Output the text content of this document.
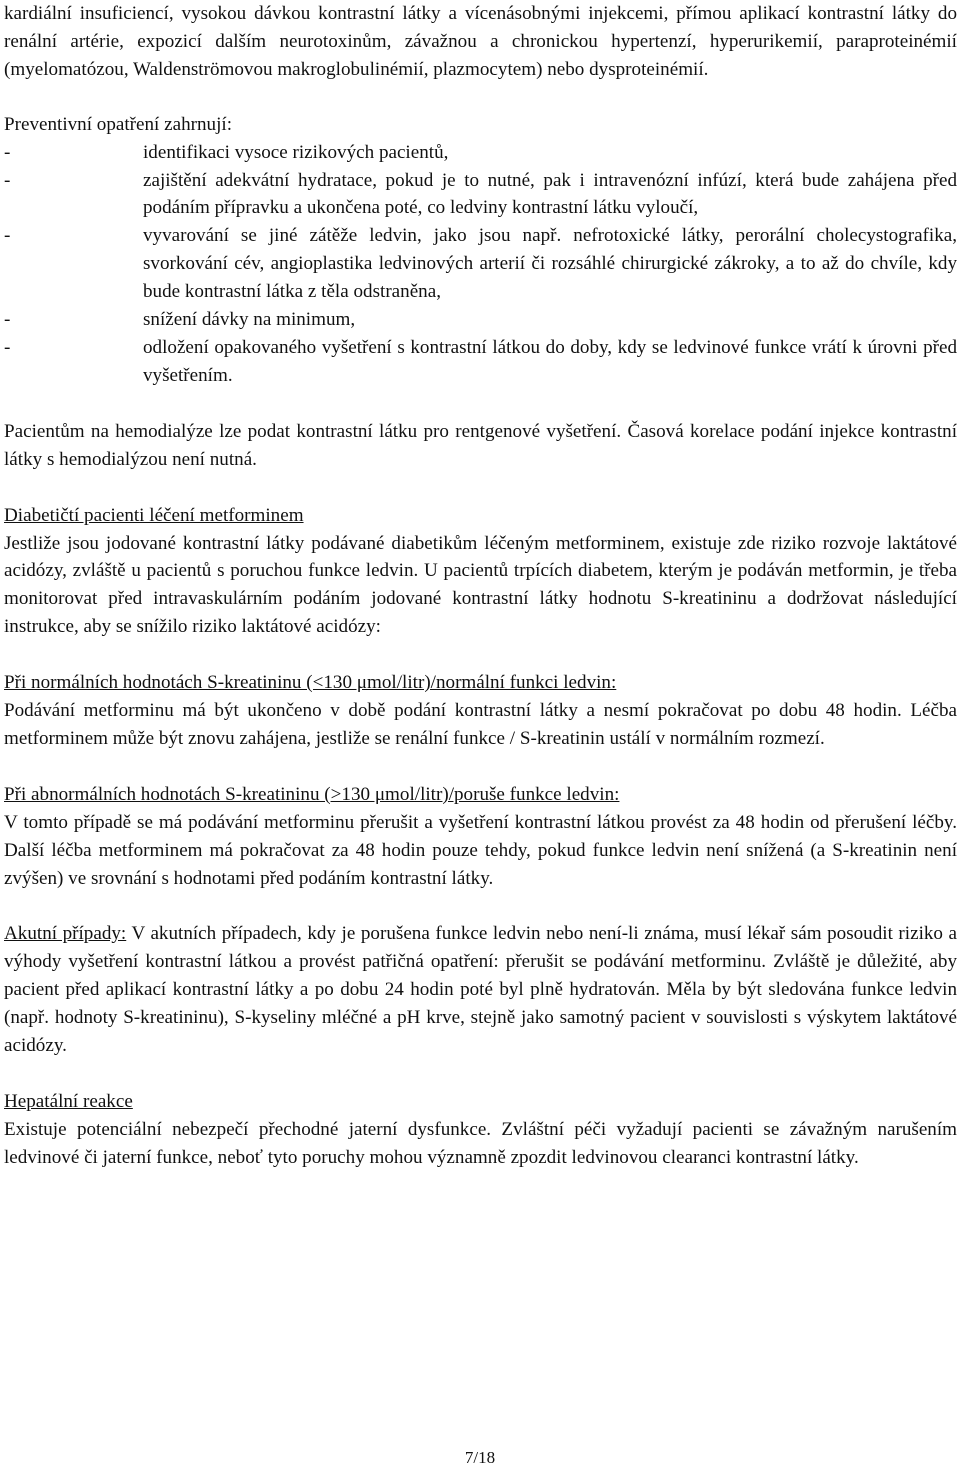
kardiální insuficiencí, vysokou dávkou kontrastní látky a vícenásobnými injekcemi, přímou aplikací kontrastní látky do renální artérie, expozicí dalším neurotoxinům, závažnou a chronickou hypertenzí, hyperurikemií, paraproteinémií (myelomatózou, Waldenströmovou makroglobulinémií, plazmocytem) nebo dysproteinémií.

Preventivní opatření zahrnují:

-	identifikaci vysoce rizikových pacientů,
-	zajištění adekvátní hydratace, pokud je to nutné, pak i intravenózní infúzí, která bude zahájena před podáním přípravku a ukončena poté, co ledviny kontrastní látku vyloučí,
-	vyvarování se jiné zátěže ledvin, jako jsou např. nefrotoxické látky, perorální cholecystografika, svorkování cév, angioplastika ledvinových arterií či rozsáhlé chirurgické zákroky, a to až do chvíle, kdy bude kontrastní látka z těla odstraněna,
-	snížení dávky na minimum,
-	odložení opakovaného vyšetření s kontrastní látkou do doby, kdy se ledvinové funkce vrátí k úrovni před vyšetřením.

Pacientům na hemodialýze lze podat kontrastní látku pro rentgenové vyšetření. Časová korelace podání injekce kontrastní látky s hemodialýzou není nutná.

Diabetičtí pacienti léčení metforminem

Jestliže jsou jodované kontrastní látky podávané diabetikům léčeným metforminem, existuje zde riziko rozvoje laktátové acidózy, zvláště u pacientů s poruchou funkce ledvin. U pacientů trpících diabetem, kterým je podáván metformin, je třeba monitorovat před intravaskulárním podáním jodované kontrastní látky hodnotu S-kreatininu a dodržovat následující instrukce, aby se snížilo riziko laktátové acidózy:

Při normálních hodnotách S-kreatininu (<130 μmol/litr)/normální funkci ledvin:

Podávání metforminu má být ukončeno v době podání kontrastní látky a nesmí pokračovat po dobu 48 hodin. Léčba metforminem může být znovu zahájena, jestliže se renální funkce / S-kreatinin ustálí v normálním rozmezí.

Při abnormálních hodnotách S-kreatininu (>130 μmol/litr)/poruše funkce ledvin:

V tomto případě se má podávání metforminu přerušit a vyšetření kontrastní látkou provést za 48 hodin od přerušení léčby. Další léčba metforminem má pokračovat za 48 hodin pouze tehdy, pokud funkce ledvin není snížená (a S-kreatinin není zvýšen) ve srovnání s hodnotami před podáním kontrastní látky.

Akutní případy: V akutních případech, kdy je porušena funkce ledvin nebo není-li známa, musí lékař sám posoudit riziko a výhody vyšetření kontrastní látkou a provést patřičná opatření: přerušit se podávání metforminu. Zvláště je důležité, aby pacient před aplikací kontrastní látky a po dobu 24 hodin poté byl plně hydratován. Měla by být sledována funkce ledvin (např. hodnoty S-kreatininu), S-kyseliny mléčné a pH krve, stejně jako samotný pacient v souvislosti s výskytem laktátové acidózy.

Hepatální reakce

Existuje potenciální nebezpečí přechodné jaterní dysfunkce. Zvláštní péči vyžadují pacienti se závažným narušením ledvinové či jaterní funkce, neboť tyto poruchy mohou významně zpozdit ledvinovou clearanci kontrastní látky.

7/18
